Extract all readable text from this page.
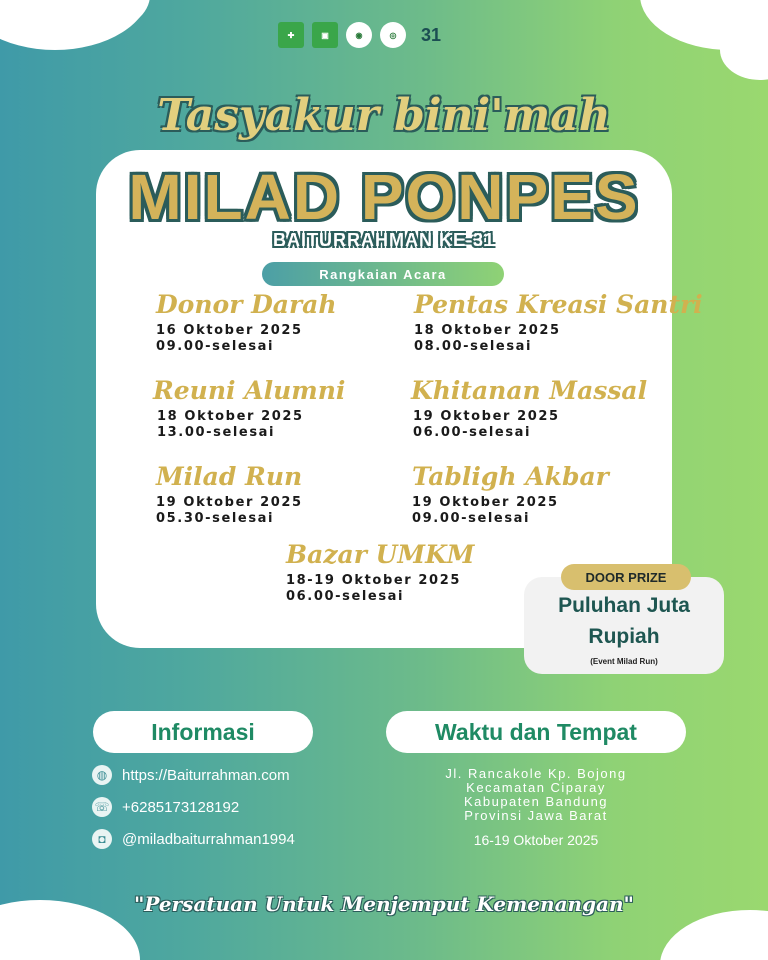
✚	▣	◉	◎	31
Tasyakur bini'mah
MILAD PONPES
BAITURRAHMAN KE-31
Rangkaian Acara
Donor Darah
16 Oktober 2025
09.00-selesai
Pentas Kreasi Santri
18 Oktober 2025
08.00-selesai
Reuni Alumni
18 Oktober 2025
13.00-selesai
Khitanan Massal
19 Oktober 2025
06.00-selesai
Milad Run
19 Oktober 2025
05.30-selesai
Tabligh Akbar
19 Oktober 2025
09.00-selesai
Bazar UMKM
18-19 Oktober 2025
06.00-selesai
DOOR PRIZE
Puluhan Juta
Rupiah
(Event Milad Run)
Informasi	Waktu dan Tempat
◍ https://Baiturrahman.com
☏ +6285173128192
◘	@miladbaiturrahman1994
Jl. Rancakole Kp. Bojong
Kecamatan Ciparay
Kabupaten Bandung
Provinsi Jawa Barat
16-19 Oktober 2025
"Persatuan Untuk Menjemput Kemenangan"
